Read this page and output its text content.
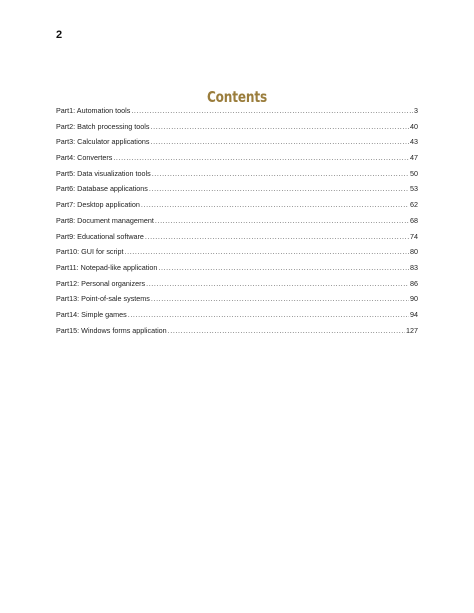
2
Contents
Part1: Automation tools .....	3
Part2: Batch processing tools .....	40
Part3: Calculator applications .....	43
Part4: Converters .....	47
Part5: Data visualization tools .....	50
Part6: Database applications .....	53
Part7: Desktop application .....	62
Part8: Document management .....	68
Part9: Educational software .....	74
Part10: GUI for script .....	80
Part11: Notepad-like application .....	83
Part12: Personal organizers .....	86
Part13: Point-of-sale systems .....	90
Part14: Simple games .....	94
Part15: Windows forms application .....	127
